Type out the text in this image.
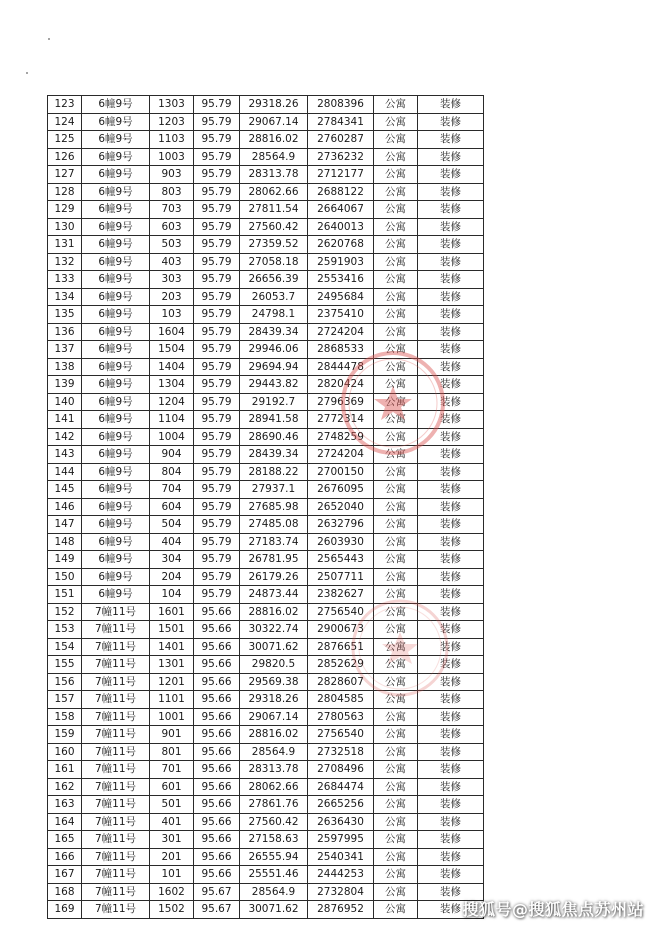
123	6幢9号	1303	95.79	29318.26	2808396	公寓	装修	
124	6幢9号	1203	95.79	29067.14	2784341	公寓	装修	
125	6幢9号	1103	95.79	28816.02	2760287	公寓	装修	
126	6幢9号	1003	95.79	28564.9	2736232	公寓	装修	
127	6幢9号	903	95.79	28313.78	2712177	公寓	装修	
128	6幢9号	803	95.79	28062.66	2688122	公寓	装修	
129	6幢9号	703	95.79	27811.54	2664067	公寓	装修	
130	6幢9号	603	95.79	27560.42	2640013	公寓	装修	
131	6幢9号	503	95.79	27359.52	2620768	公寓	装修	
132	6幢9号	403	95.79	27058.18	2591903	公寓	装修	
133	6幢9号	303	95.79	26656.39	2553416	公寓	装修	
134	6幢9号	203	95.79	26053.7	2495684	公寓	装修	
135	6幢9号	103	95.79	24798.1	2375410	公寓	装修	
136	6幢9号	1604	95.79	28439.34	2724204	公寓	装修	
137	6幢9号	1504	95.79	29946.06	2868533	公寓	装修	
138	6幢9号	1404	95.79	29694.94	2844478	公寓	装修	
139	6幢9号	1304	95.79	29443.82	2820424	公寓	装修	
140	6幢9号	1204	95.79	29192.7	2796369	公寓	装修	
141	6幢9号	1104	95.79	28941.58	2772314	公寓	装修	
142	6幢9号	1004	95.79	28690.46	2748259	公寓	装修	
143	6幢9号	904	95.79	28439.34	2724204	公寓	装修	
144	6幢9号	804	95.79	28188.22	2700150	公寓	装修	
145	6幢9号	704	95.79	27937.1	2676095	公寓	装修	
146	6幢9号	604	95.79	27685.98	2652040	公寓	装修	
147	6幢9号	504	95.79	27485.08	2632796	公寓	装修	
148	6幢9号	404	95.79	27183.74	2603930	公寓	装修	
149	6幢9号	304	95.79	26781.95	2565443	公寓	装修	
150	6幢9号	204	95.79	26179.26	2507711	公寓	装修	
151	6幢9号	104	95.79	24873.44	2382627	公寓	装修	
152	7幢11号	1601	95.66	28816.02	2756540	公寓	装修	
153	7幢11号	1501	95.66	30322.74	2900673	公寓	装修	
154	7幢11号	1401	95.66	30071.62	2876651	公寓	装修	
155	7幢11号	1301	95.66	29820.5	2852629	公寓	装修	
156	7幢11号	1201	95.66	29569.38	2828607	公寓	装修	
157	7幢11号	1101	95.66	29318.26	2804585	公寓	装修	
158	7幢11号	1001	95.66	29067.14	2780563	公寓	装修	
159	7幢11号	901	95.66	28816.02	2756540	公寓	装修	
160	7幢11号	801	95.66	28564.9	2732518	公寓	装修	
161	7幢11号	701	95.66	28313.78	2708496	公寓	装修	
162	7幢11号	601	95.66	28062.66	2684474	公寓	装修	
163	7幢11号	501	95.66	27861.76	2665256	公寓	装修	
164	7幢11号	401	95.66	27560.42	2636430	公寓	装修	
165	7幢11号	301	95.66	27158.63	2597995	公寓	装修	
166	7幢11号	201	95.66	26555.94	2540341	公寓	装修	
167	7幢11号	101	95.66	25551.46	2444253	公寓	装修	
168	7幢11号	1602	95.67	28564.9	2732804	公寓	装修	
169	7幢11号	1502	95.67	30071.62	2876952	公寓	装修	搜狐号@搜狐焦点苏州站
